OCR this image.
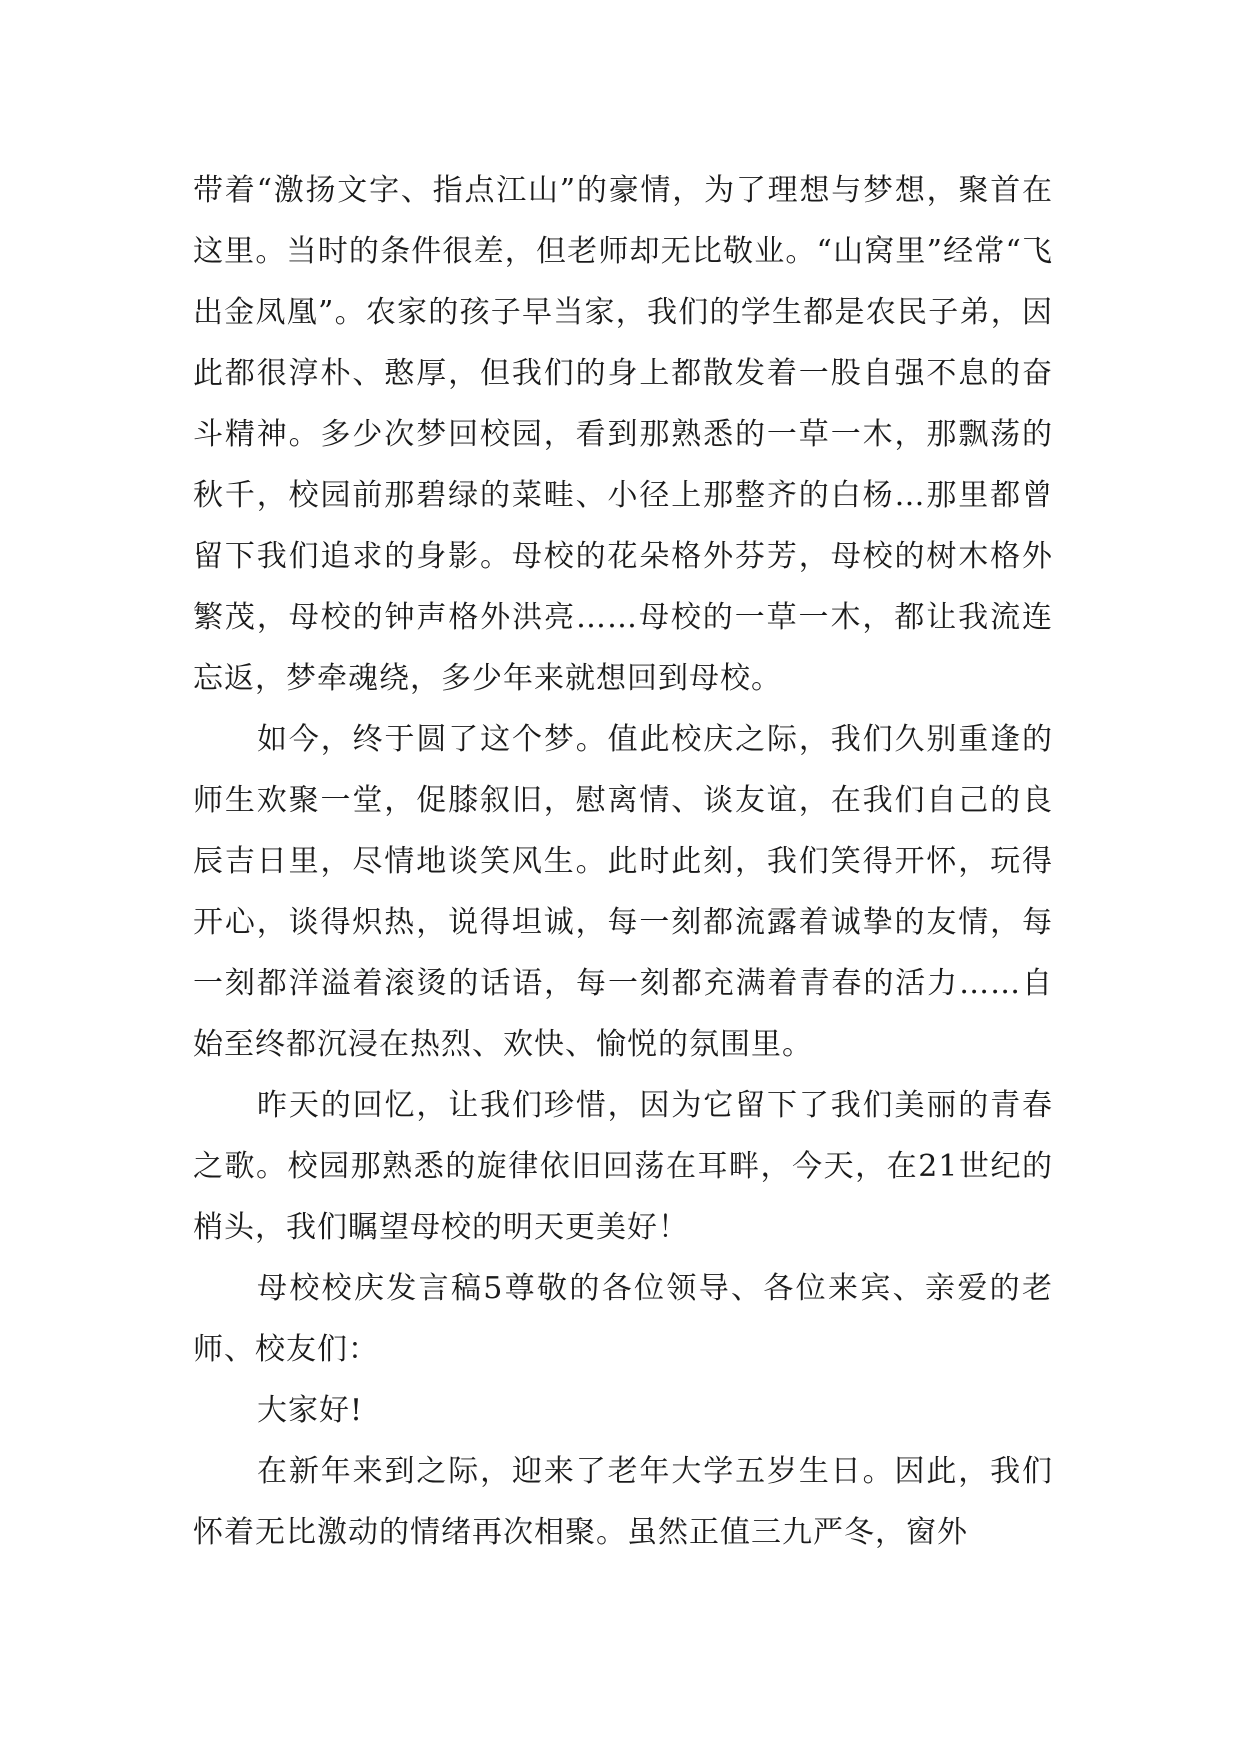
带着“激扬文字、指点江山”的豪情，为了理想与梦想，聚首在这里。当时的条件很差，但老师却无比敬业。“山窝里”经常“飞出金凤凰”。农家的孩子早当家，我们的学生都是农民子弟，因此都很淳朴、憨厚，但我们的身上都散发着一股自强不息的奋斗精神。多少次梦回校园，看到那熟悉的一草一木，那飘荡的秋千，校园前那碧绿的菜畦、小径上那整齐的白杨…那里都曾留下我们追求的身影。母校的花朵格外芬芳，母校的树木格外繁茂，母校的钟声格外洪亮……母校的一草一木，都让我流连忘返，梦牵魂绕，多少年来就想回到母校。

如今，终于圆了这个梦。值此校庆之际，我们久别重逢的师生欢聚一堂，促膝叙旧，慰离情、谈友谊，在我们自己的良辰吉日里，尽情地谈笑风生。此时此刻，我们笑得开怀，玩得开心，谈得炽热，说得坦诚，每一刻都流露着诚挚的友情，每一刻都洋溢着滚烫的话语，每一刻都充满着青春的活力……自始至终都沉浸在热烈、欢快、愉悦的氛围里。

昨天的回忆，让我们珍惜，因为它留下了我们美丽的青春之歌。校园那熟悉的旋律依旧回荡在耳畔，今天，在21世纪的梢头，我们瞩望母校的明天更美好！

母校校庆发言稿5尊敬的各位领导、各位来宾、亲爱的老师、校友们：

大家好!

在新年来到之际，迎来了老年大学五岁生日。因此，我们怀着无比激动的情绪再次相聚。虽然正值三九严冬，窗外
